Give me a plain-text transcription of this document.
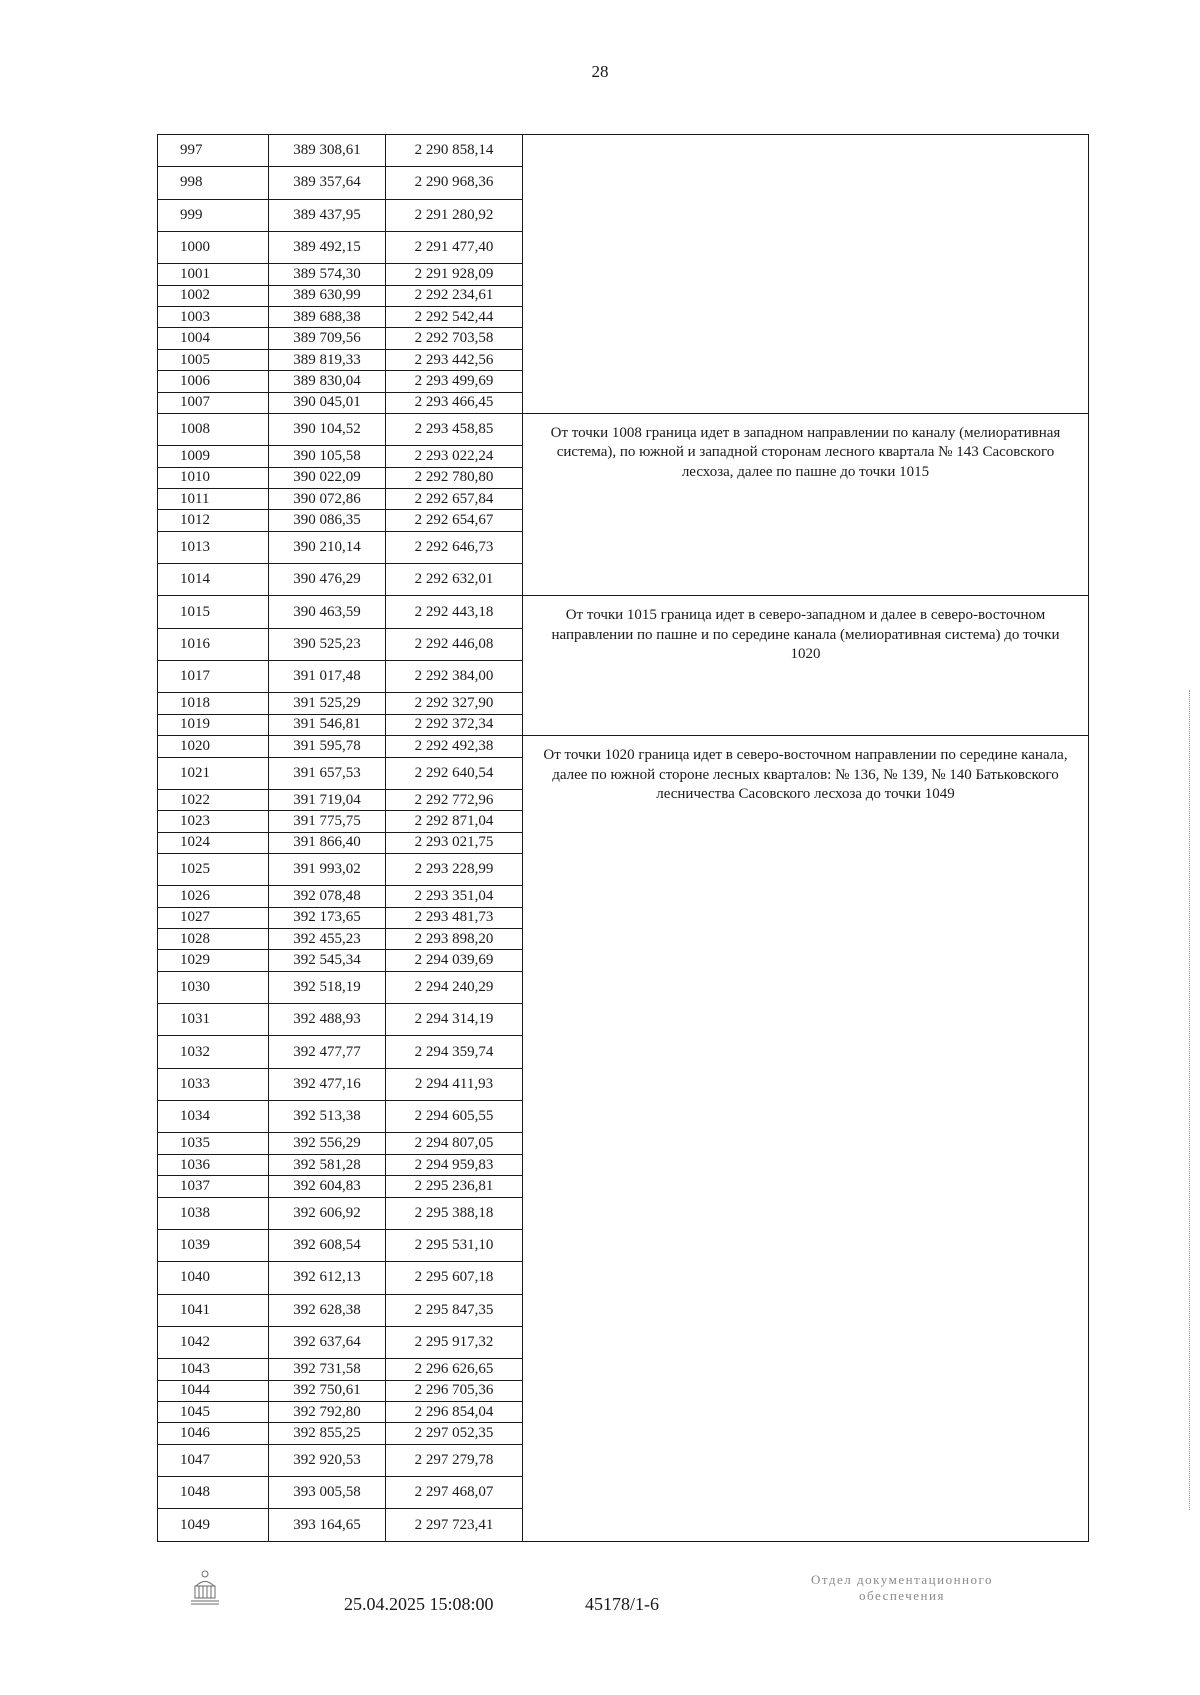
28
997	389 308,61	2 290 858,14	
998	389 357,64	2 290 968,36	
999	389 437,95	2 291 280,92	
1000	389 492,15	2 291 477,40	
1001	389 574,30	2 291 928,09	
1002	389 630,99	2 292 234,61	
1003	389 688,38	2 292 542,44	
1004	389 709,56	2 292 703,58	
1005	389 819,33	2 293 442,56	
1006	389 830,04	2 293 499,69	
1007	390 045,01	2 293 466,45	
1008	390 104,52	2 293 458,85	От точки 1008 граница идет в западном направлении по каналу (мелиоративная система), по южной и западной сторонам лесного квартала № 143 Сасовского лесхоза, далее по пашне до точки 1015
1009	390 105,58	2 293 022,24	
1010	390 022,09	2 292 780,80	
1011	390 072,86	2 292 657,84	
1012	390 086,35	2 292 654,67	
1013	390 210,14	2 292 646,73	
1014	390 476,29	2 292 632,01	
1015	390 463,59	2 292 443,18	От точки 1015 граница идет в северо-западном и далее в северо-восточном направлении по пашне и по середине канала (мелиоративная система) до точки 1020
1016	390 525,23	2 292 446,08	
1017	391 017,48	2 292 384,00	
1018	391 525,29	2 292 327,90	
1019	391 546,81	2 292 372,34	
1020	391 595,78	2 292 492,38	От точки 1020 граница идет в северо-восточном направлении по середине канала, далее по южной стороне лесных кварталов: № 136, № 139, № 140 Батьковского лесничества Сасовского лесхоза до точки 1049
1021	391 657,53	2 292 640,54	
1022	391 719,04	2 292 772,96	
1023	391 775,75	2 292 871,04	
1024	391 866,40	2 293 021,75	
1025	391 993,02	2 293 228,99	
1026	392 078,48	2 293 351,04	
1027	392 173,65	2 293 481,73	
1028	392 455,23	2 293 898,20	
1029	392 545,34	2 294 039,69	
1030	392 518,19	2 294 240,29	
1031	392 488,93	2 294 314,19	
1032	392 477,77	2 294 359,74	
1033	392 477,16	2 294 411,93	
1034	392 513,38	2 294 605,55	
1035	392 556,29	2 294 807,05	
1036	392 581,28	2 294 959,83	
1037	392 604,83	2 295 236,81	
1038	392 606,92	2 295 388,18	
1039	392 608,54	2 295 531,10	
1040	392 612,13	2 295 607,18	
1041	392 628,38	2 295 847,35	
1042	392 637,64	2 295 917,32	
1043	392 731,58	2 296 626,65	
1044	392 750,61	2 296 705,36	
1045	392 792,80	2 296 854,04	
1046	392 855,25	2 297 052,35	
1047	392 920,53	2 297 279,78	
1048	393 005,58	2 297 468,07	
1049	393 164,65	2 297 723,41	
25.04.2025 15:08:00	45178/1-6
Отдел документационного
обеспечения
